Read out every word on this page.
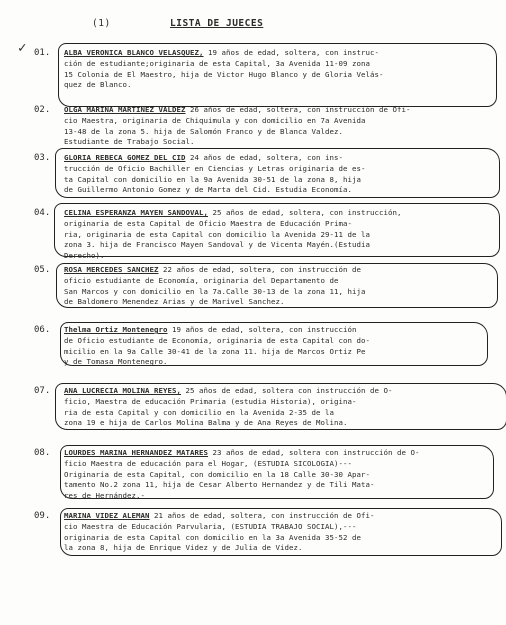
(1)	LISTA DE JUECES
✓ 01. ALBA VERONICA BLANCO VELASQUEZ, 19 años de edad, soltera, con instruc-
ción de estudiante;originaria de esta Capital, 3a Avenida 11-09 zona
15 Colonia de El Maestro, hija de Victor Hugo Blanco y de Gloria Velás-
quez de Blanco.
02. OLGA MARINA MARTINEZ VALDEZ 26 años de edad, soltera, con instrucción de Ofi-
cio Maestra, originaria de Chiquimula y con domicilio en 7a Avenida
13-48 de la zona 5. hija de Salomón Franco y de Blanca Valdez.
Estudiante de Trabajo Social.
03. GLORIA REBECA GOMEZ DEL CID 24 años de edad, soltera, con ins-
trucción de Oficio Bachiller en Ciencias y Letras originaria de es-
ta Capital con domicilio en la 9a Avenida 30-51 de la zona 8, hija
de Guillermo Antonio Gomez y de Marta del Cid. Estudia Economía.
04. CELINA ESPERANZA MAYEN SANDOVAL, 25 años de edad, soltera, con instrucción,
originaria de esta Capital de Oficio Maestra de Educación Prima-
ria, originaria de esta Capital con domicilio la Avenida 29-11 de la
zona 3. hija de Francisco Mayen Sandoval y de Vicenta Mayén.(Estudia
Derecho).
05. ROSA MERCEDES SANCHEZ 22 años de edad, soltera, con instrucción de
oficio estudiante de Economía, originaria del Departamento de
San Marcos y con domicilio en la 7a.Calle 30-13 de la zona 11, hija
de Baldomero Menendez Arias y de Marivel Sanchez.
06. Thelma Ortiz Montenegro 19 años de edad, soltera, con instrucción
de Oficio estudiante de Economía, originaria de esta Capital con do-
micilio en la 9a Calle 30-41 de la zona 11. hija de Marcos Ortiz Pe
y de Tomasa Montenegro.
07. ANA LUCRECIA MOLINA REYES, 25 años de edad, soltera con instrucción de O-
ficio, Maestra de educación Primaria (estudia Historia), origina-
ria de esta Capital y con domicilio en la Avenida 2-35 de la
zona 19 e hija de Carlos Molina Balma y de Ana Reyes de Molina.
08. LOURDES MARINA HERNANDEZ MATARES 23 años de edad, soltera con instrucción de O-
ficio Maestra de educación para el Hogar, (ESTUDIA SICOLOGIA)---
Originaria de esta Capital, con domicilio en la 18 Calle 30-30 Apar-
tamento No.2 zona 11, hija de Cesar Alberto Hernandez y de Tili Mata-
res de Hernández.-
09. MARINA VIDEZ ALEMAN 21 años de edad, soltera, con instrucción de Ofi-
cio Maestra de Educación Parvularia, (ESTUDIA TRABAJO SOCIAL),---
originaria de esta Capital con domicilio en la 3a Avenida 35-52 de
la zona 8, hija de Enrique Videz y de Julia de Videz.
